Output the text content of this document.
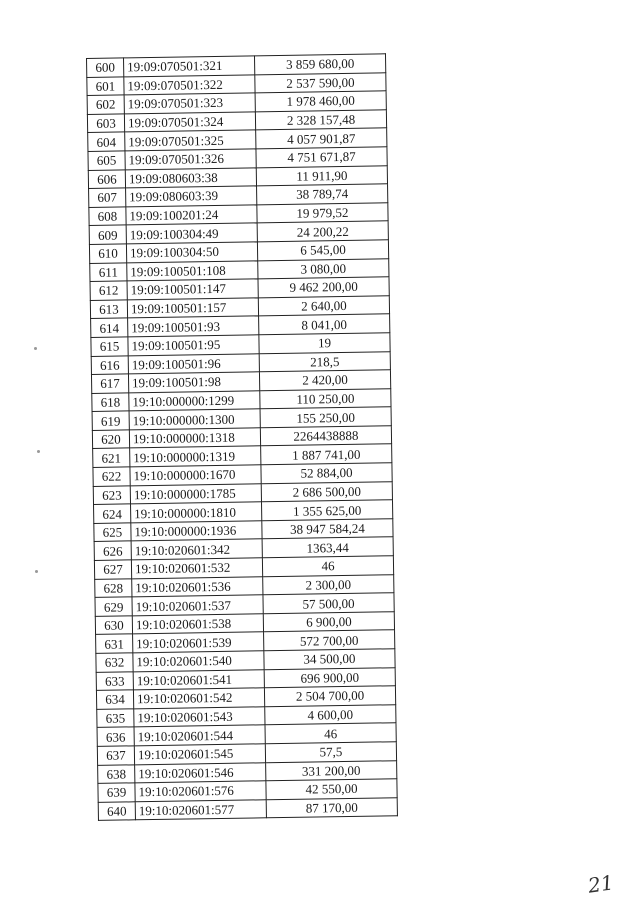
600	19:09:070501:321	3 859 680,00
601	19:09:070501:322	2 537 590,00
602	19:09:070501:323	1 978 460,00
603	19:09:070501:324	2 328 157,48
604	19:09:070501:325	4 057 901,87
605	19:09:070501:326	4 751 671,87
606	19:09:080603:38	11 911,90
607	19:09:080603:39	38 789,74
608	19:09:100201:24	19 979,52
609	19:09:100304:49	24 200,22
610	19:09:100304:50	6 545,00
611	19:09:100501:108	3 080,00
612	19:09:100501:147	9 462 200,00
613	19:09:100501:157	2 640,00
614	19:09:100501:93	8 041,00
615	19:09:100501:95	19
616	19:09:100501:96	218,5
617	19:09:100501:98	2 420,00
618	19:10:000000:1299	110 250,00
619	19:10:000000:1300	155 250,00
620	19:10:000000:1318	2264438888
621	19:10:000000:1319	1 887 741,00
622	19:10:000000:1670	52 884,00
623	19:10:000000:1785	2 686 500,00
624	19:10:000000:1810	1 355 625,00
625	19:10:000000:1936	38 947 584,24
626	19:10:020601:342	1363,44
627	19:10:020601:532	46
628	19:10:020601:536	2 300,00
629	19:10:020601:537	57 500,00
630	19:10:020601:538	6 900,00
631	19:10:020601:539	572 700,00
632	19:10:020601:540	34 500,00
633	19:10:020601:541	696 900,00
634	19:10:020601:542	2 504 700,00
635	19:10:020601:543	4 600,00
636	19:10:020601:544	46
637	19:10:020601:545	57,5
638	19:10:020601:546	331 200,00
639	19:10:020601:576	42 550,00
640	19:10:020601:577	87 170,00
21
